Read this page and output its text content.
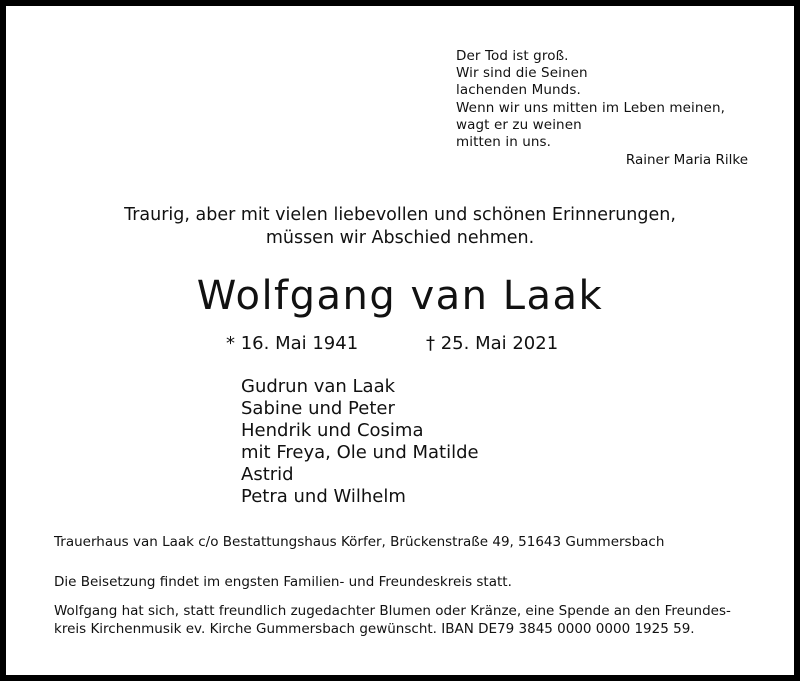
Der Tod ist groß.
Wir sind die Seinen
lachenden Munds.
Wenn wir uns mitten im Leben meinen,
wagt er zu weinen
mitten in uns.
Rainer Maria Rilke
Traurig, aber mit vielen liebevollen und schönen Erinnerungen,
müssen wir Abschied nehmen.
Wolfgang van Laak
* 16. Mai 1941	† 25. Mai 2021
Gudrun van Laak
Sabine und Peter
Hendrik und Cosima
mit Freya, Ole und Matilde
Astrid
Petra und Wilhelm
Trauerhaus van Laak c/o Bestattungshaus Körfer, Brückenstraße 49, 51643 Gummersbach
Die Beisetzung findet im engsten Familien- und Freundeskreis statt.
Wolfgang hat sich, statt freundlich zugedachter Blumen oder Kränze, eine Spende an den Freundes-
kreis Kirchenmusik ev. Kirche Gummersbach gewünscht. IBAN DE79 3845 0000 0000 1925 59.
